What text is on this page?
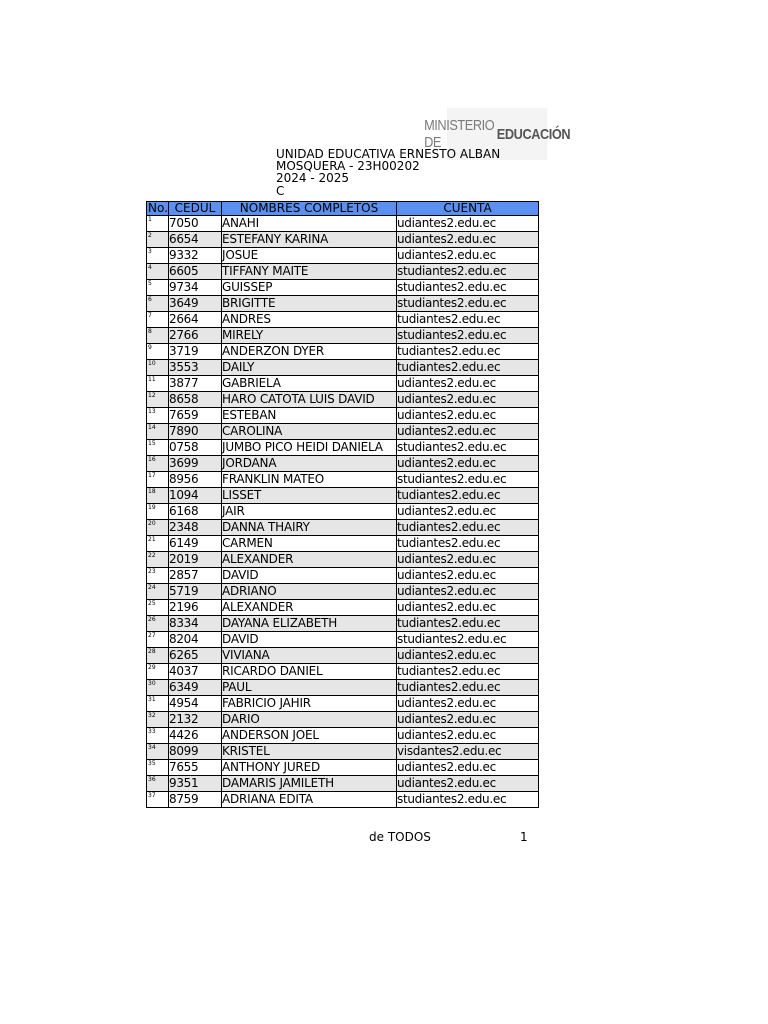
MINISTERIO DE	EDUCACIÓN
UNIDAD EDUCATIVA ERNESTO ALBAN
MOSQUERA - 23H00202
2024 - 2025
C
No.	CEDUL	NOMBRES COMPLETOS	CUENTA
1	7050	ANAHI	udiantes2.edu.ec
2	6654	ESTEFANY KARINA	udiantes2.edu.ec
3	9332	JOSUE	udiantes2.edu.ec
4	6605	TIFFANY MAITE	studiantes2.edu.ec
5	9734	GUISSEP	studiantes2.edu.ec
6	3649	BRIGITTE	studiantes2.edu.ec
7	2664	ANDRES	tudiantes2.edu.ec
8	2766	MIRELY	studiantes2.edu.ec
9	3719	ANDERZON DYER	tudiantes2.edu.ec
10	3553	DAILY	tudiantes2.edu.ec
11	3877	GABRIELA	udiantes2.edu.ec
12	8658	HARO CATOTA LUIS DAVID	udiantes2.edu.ec
13	7659	ESTEBAN	udiantes2.edu.ec
14	7890	CAROLINA	udiantes2.edu.ec
15	0758	JUMBO PICO HEIDI DANIELA	studiantes2.edu.ec
16	3699	JORDANA	udiantes2.edu.ec
17	8956	FRANKLIN MATEO	studiantes2.edu.ec
18	1094	LISSET	tudiantes2.edu.ec
19	6168	JAIR	udiantes2.edu.ec
20	2348	DANNA THAIRY	tudiantes2.edu.ec
21	6149	CARMEN	tudiantes2.edu.ec
22	2019	ALEXANDER	udiantes2.edu.ec
23	2857	DAVID	udiantes2.edu.ec
24	5719	ADRIANO	udiantes2.edu.ec
25	2196	ALEXANDER	udiantes2.edu.ec
26	8334	DAYANA ELIZABETH	tudiantes2.edu.ec
27	8204	DAVID	studiantes2.edu.ec
28	6265	VIVIANA	udiantes2.edu.ec
29	4037	RICARDO DANIEL	tudiantes2.edu.ec
30	6349	PAUL	tudiantes2.edu.ec
31	4954	FABRICIO JAHIR	udiantes2.edu.ec
32	2132	DARIO	udiantes2.edu.ec
33	4426	ANDERSON JOEL	udiantes2.edu.ec
34	8099	KRISTEL	visdantes2.edu.ec
35	7655	ANTHONY JURED	udiantes2.edu.ec
36	9351	DAMARIS JAMILETH	udiantes2.edu.ec
37	8759	ADRIANA EDITA	studiantes2.edu.ec
de TODOS	1
